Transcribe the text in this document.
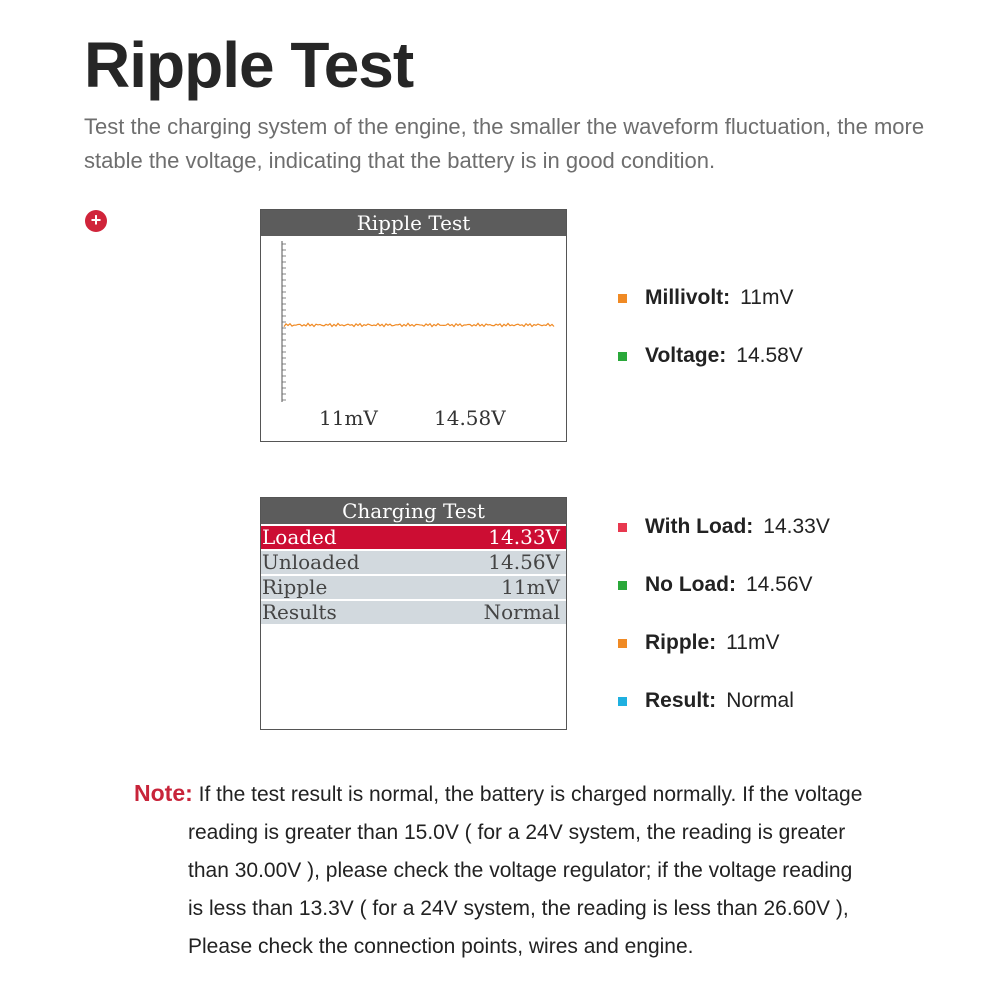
Ripple Test
Test the charging system of the engine, the smaller the waveform fluctuation, the more stable the voltage, indicating that the battery is in good condition.
+	Ripple Test
11mV	14.58V
Millivolt: 11mV
Voltage: 14.58V
Charging Test
Loaded	14.33V
Unloaded	14.56V
Ripple	11mV
Results	Normal
With Load: 14.33V
No Load: 14.56V
Ripple: 11mV
Result: Normal
Note: If the test result is normal, the battery is charged normally. If the voltage
reading is greater than 15.0V ( for a 24V system, the reading is greater
than 30.00V ), please check the voltage regulator; if the voltage reading
is less than 13.3V ( for a 24V system, the reading is less than 26.60V ),
Please check the connection points, wires and engine.
